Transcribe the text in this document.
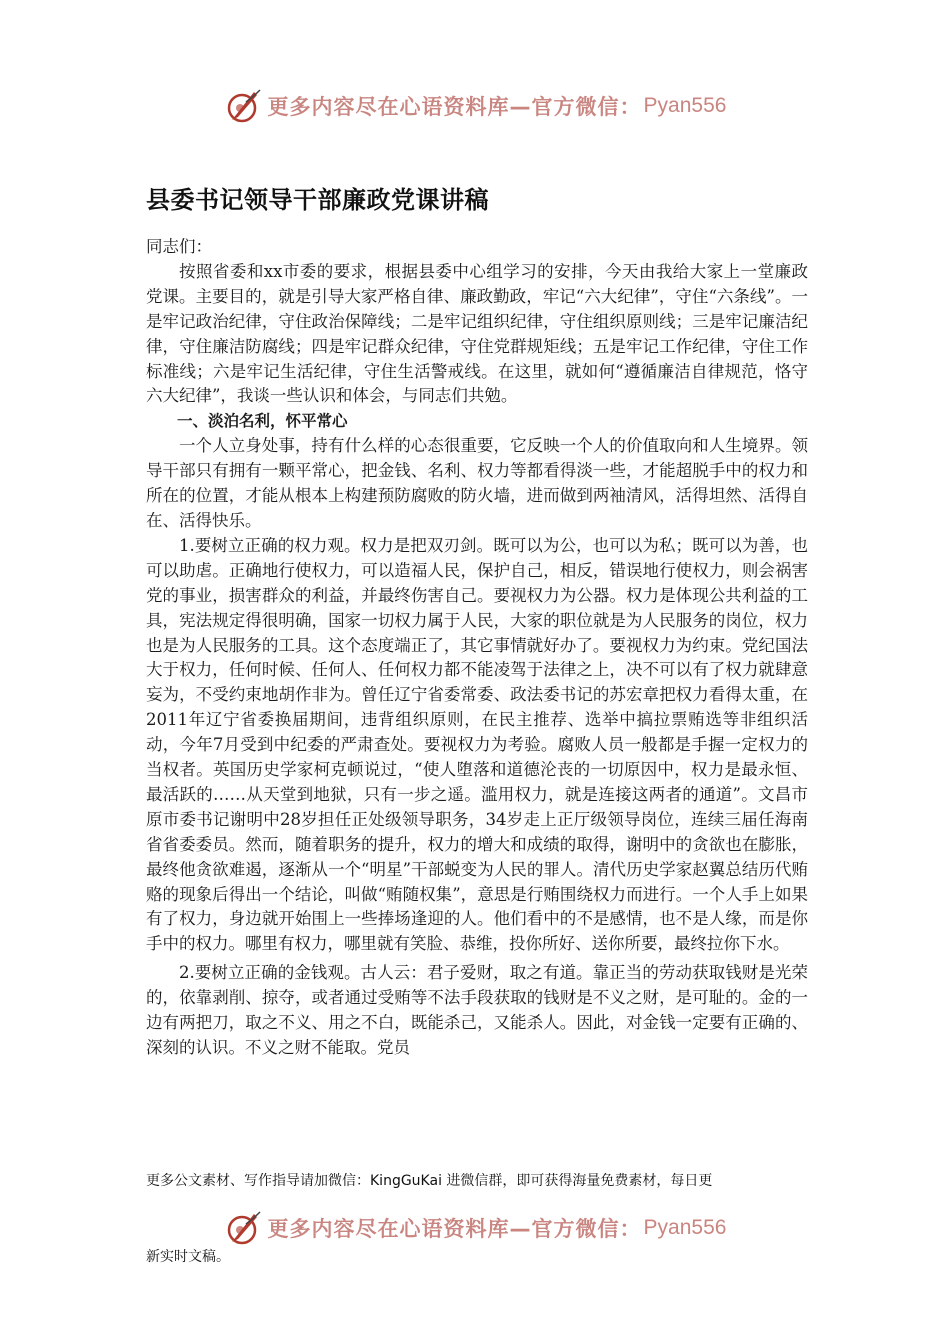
更多内容尽在心语资料库—官方微信： Pyan556
县委书记领导干部廉政党课讲稿

同志们：

按照省委和xx市委的要求，根据县委中心组学习的安排，今天由我给大家上一堂廉政党课。主要目的，就是引导大家严格自律、廉政勤政，牢记“六大纪律”，守住“六条线”。一是牢记政治纪律，守住政治保障线；二是牢记组织纪律，守住组织原则线；三是牢记廉洁纪律，守住廉洁防腐线；四是牢记群众纪律，守住党群规矩线；五是牢记工作纪律，守住工作标准线；六是牢记生活纪律，守住生活警戒线。在这里，就如何“遵循廉洁自律规范，恪守六大纪律”，我谈一些认识和体会，与同志们共勉。

一、淡泊名利，怀平常心

一个人立身处事，持有什么样的心态很重要，它反映一个人的价值取向和人生境界。领导干部只有拥有一颗平常心，把金钱、名利、权力等都看得淡一些，才能超脱手中的权力和所在的位置，才能从根本上构建预防腐败的防火墙，进而做到两袖清风，活得坦然、活得自在、活得快乐。

1.要树立正确的权力观。权力是把双刃剑。既可以为公，也可以为私；既可以为善，也可以助虐。正确地行使权力，可以造福人民，保护自己，相反，错误地行使权力，则会祸害党的事业，损害群众的利益，并最终伤害自己。要视权力为公器。权力是体现公共利益的工具，宪法规定得很明确，国家一切权力属于人民，大家的职位就是为人民服务的岗位，权力也是为人民服务的工具。这个态度端正了，其它事情就好办了。要视权力为约束。党纪国法大于权力，任何时候、任何人、任何权力都不能凌驾于法律之上，决不可以有了权力就肆意妄为，不受约束地胡作非为。曾任辽宁省委常委、政法委书记的苏宏章把权力看得太重，在2011年辽宁省委换届期间，违背组织原则，在民主推荐、选举中搞拉票贿选等非组织活动，今年7月受到中纪委的严肃查处。要视权力为考验。腐败人员一般都是手握一定权力的当权者。英国历史学家柯克顿说过，“使人堕落和道德沦丧的一切原因中，权力是最永恒、最活跃的……从天堂到地狱，只有一步之遥。滥用权力，就是连接这两者的通道”。文昌市原市委书记谢明中28岁担任正处级领导职务，34岁走上正厅级领导岗位，连续三届任海南省省委委员。然而，随着职务的提升，权力的增大和成绩的取得，谢明中的贪欲也在膨胀，最终他贪欲难遏，逐渐从一个“明星”干部蜕变为人民的罪人。清代历史学家赵翼总结历代贿赂的现象后得出一个结论，叫做“贿随权集”，意思是行贿围绕权力而进行。一个人手上如果有了权力，身边就开始围上一些捧场逢迎的人。他们看中的不是感情，也不是人缘，而是你手中的权力。哪里有权力，哪里就有笑脸、恭维，投你所好、送你所要，最终拉你下水。

2.要树立正确的金钱观。古人云：君子爱财，取之有道。靠正当的劳动获取钱财是光荣的，依靠剥削、掠夺，或者通过受贿等不法手段获取的钱财是不义之财，是可耻的。金的一边有两把刀，取之不义、用之不白，既能杀己，又能杀人。因此，对金钱一定要有正确的、深刻的认识。不义之财不能取。党员

更多公文素材、写作指导请加微信：KingGuKai 进微信群，即可获得海量免费素材，每日更
更多内容尽在心语资料库—官方微信： Pyan556
新实时文稿。
